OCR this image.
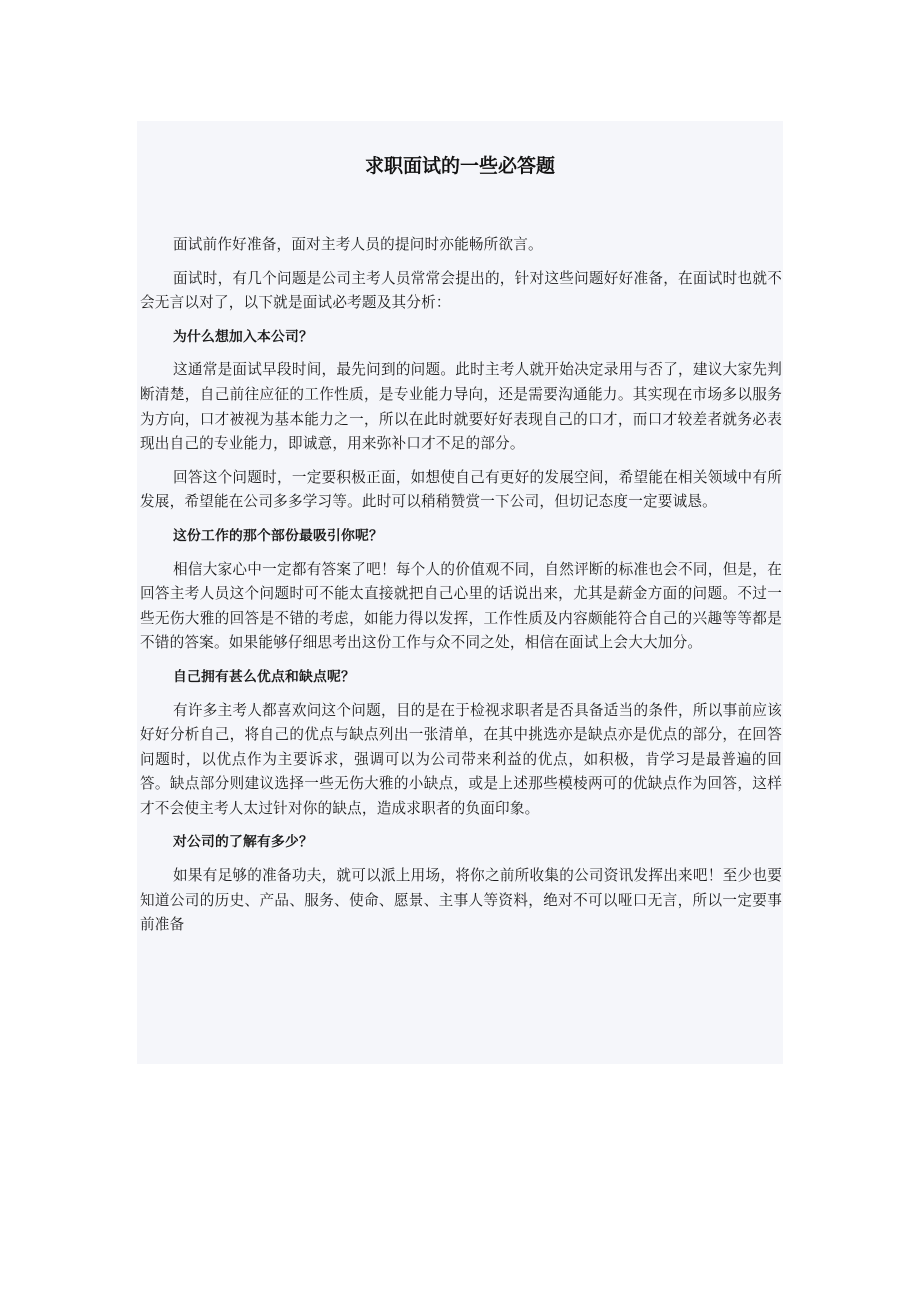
求职面试的一些必答题

面试前作好准备，面对主考人员的提问时亦能畅所欲言。

面试时，有几个问题是公司主考人员常常会提出的，针对这些问题好好准备，在面试时也就不会无言以对了，以下就是面试必考题及其分析：

为什么想加入本公司？

这通常是面试早段时间，最先问到的问题。此时主考人就开始决定录用与否了，建议大家先判断清楚，自己前往应征的工作性质，是专业能力导向，还是需要沟通能力。其实现在市场多以服务为方向，口才被视为基本能力之一，所以在此时就要好好表现自己的口才，而口才较差者就务必表现出自己的专业能力，即诚意，用来弥补口才不足的部分。

回答这个问题时，一定要积极正面，如想使自己有更好的发展空间，希望能在相关领域中有所发展，希望能在公司多多学习等。此时可以稍稍赞赏一下公司，但切记态度一定要诚恳。

这份工作的那个部份最吸引你呢？

相信大家心中一定都有答案了吧！每个人的价值观不同，自然评断的标准也会不同，但是，在回答主考人员这个问题时可不能太直接就把自己心里的话说出来，尤其是薪金方面的问题。不过一些无伤大雅的回答是不错的考虑，如能力得以发挥，工作性质及内容颇能符合自己的兴趣等等都是不错的答案。如果能够仔细思考出这份工作与众不同之处，相信在面试上会大大加分。

自己拥有甚么优点和缺点呢？

有许多主考人都喜欢问这个问题，目的是在于检视求职者是否具备适当的条件，所以事前应该好好分析自己，将自己的优点与缺点列出一张清单，在其中挑选亦是缺点亦是优点的部分，在回答问题时，以优点作为主要诉求，强调可以为公司带来利益的优点，如积极，肯学习是最普遍的回答。缺点部分则建议选择一些无伤大雅的小缺点，或是上述那些模棱两可的优缺点作为回答，这样才不会使主考人太过针对你的缺点，造成求职者的负面印象。

对公司的了解有多少？

如果有足够的准备功夫，就可以派上用场，将你之前所收集的公司资讯发挥出来吧！至少也要知道公司的历史、产品、服务、使命、愿景、主事人等资料，绝对不可以哑口无言，所以一定要事前准备
